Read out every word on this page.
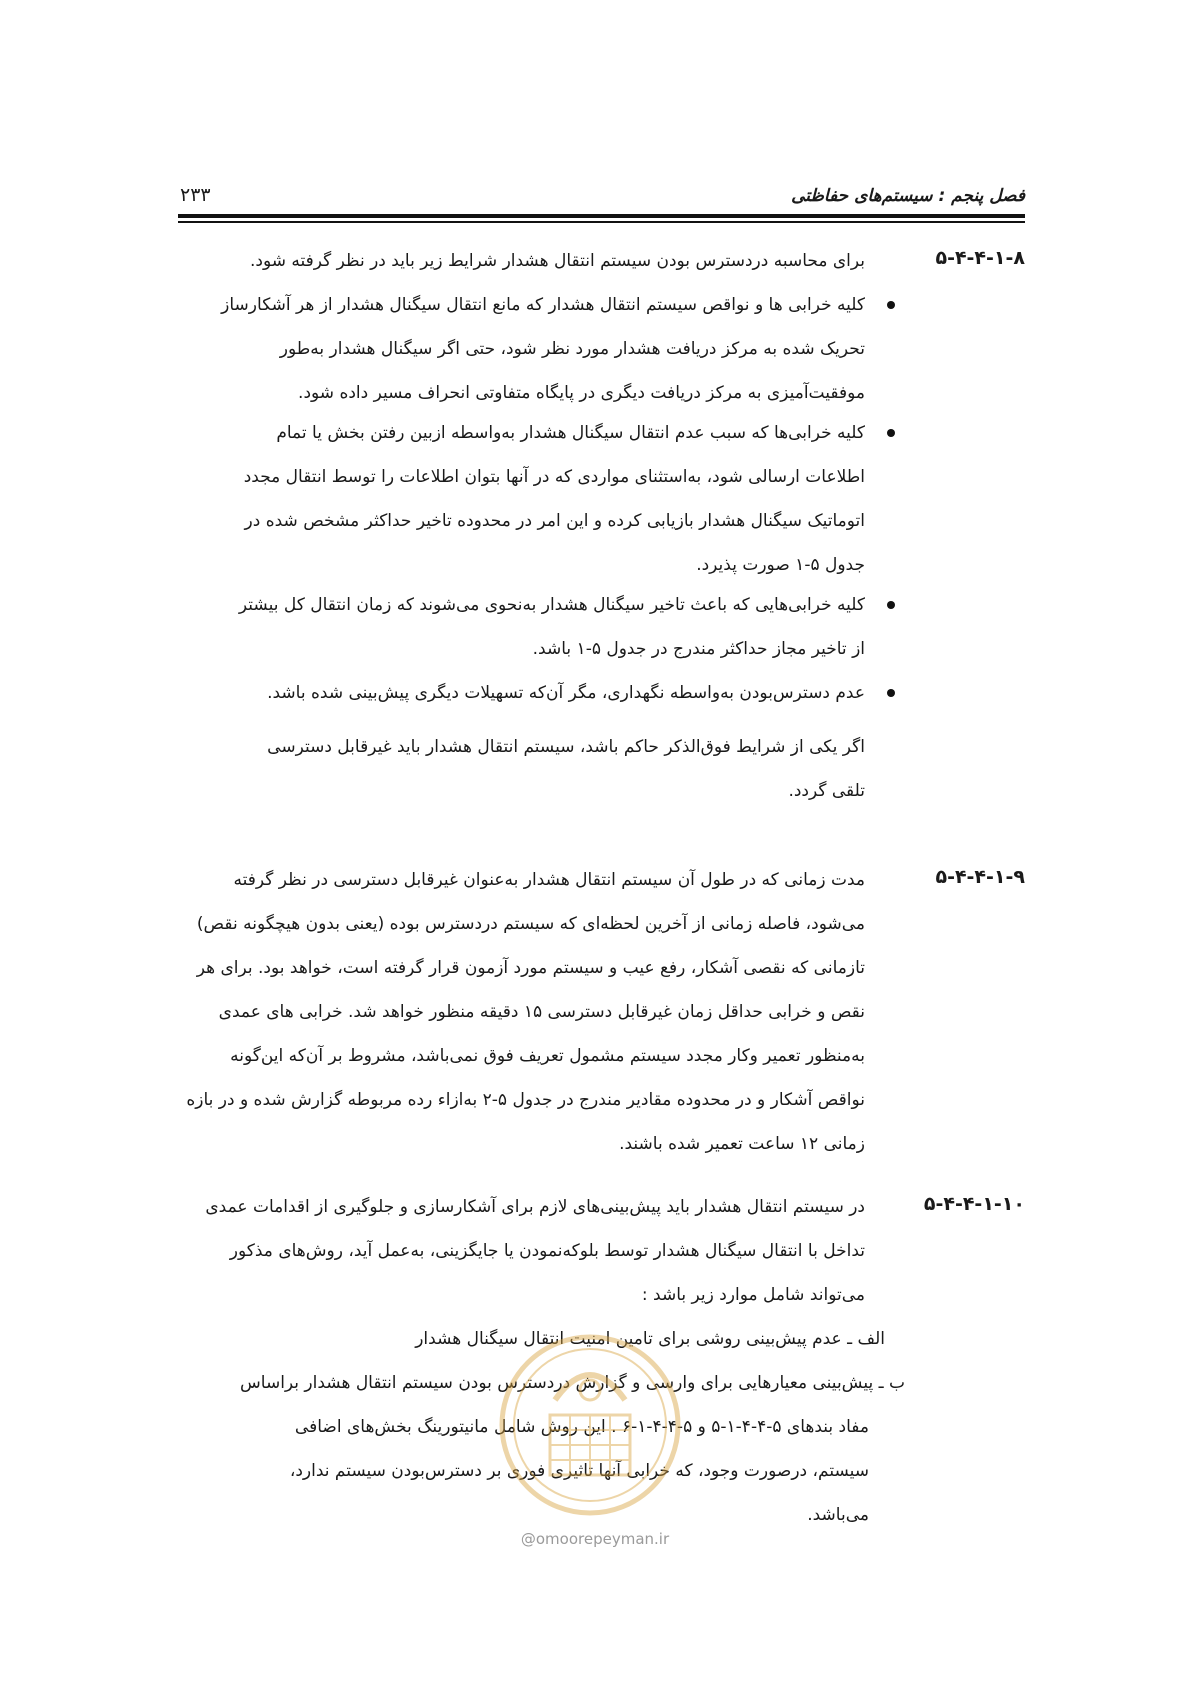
فصل پنجم : سیستم‌های حفاظتی
۲۳۳
۵-۴-۴-۱-۸
برای محاسبه دردسترس بودن سیستم انتقال هشدار شرایط زیر باید در نظر گرفته شود.
کلیه خرابی ها و نواقص سیستم انتقال هشدار که مانع انتقال سیگنال هشدار از هر آشکارساز
تحریک شده به مرکز دریافت هشدار مورد نظر شود، حتی اگر سیگنال هشدار به‌طور
موفقیت‌آمیزی به مرکز دریافت دیگری در پایگاه متفاوتی انحراف مسیر داده شود.
کلیه خرابی‌ها که سبب عدم انتقال سیگنال هشدار به‌واسطه ازبین رفتن بخش یا تمام
اطلاعات ارسالی شود، به‌استثنای مواردی که در آنها بتوان اطلاعات را توسط انتقال مجدد
اتوماتیک سیگنال هشدار بازیابی کرده و این امر در محدوده تاخیر حداکثر مشخص شده در
جدول ۵-۱ صورت پذیرد.
کلیه خرابی‌هایی که باعث تاخیر سیگنال هشدار به‌نحوی می‌شوند که زمان انتقال کل بیشتر
از تاخیر مجاز حداکثر مندرج در جدول ۵-۱ باشد.
عدم دسترس‌بودن به‌واسطه نگهداری، مگر آن‌که تسهیلات دیگری پیش‌بینی شده باشد.
اگر یکی از شرایط فوق‌الذکر حاکم باشد، سیستم انتقال هشدار باید غیرقابل دسترسی
تلقی گردد.
۵-۴-۴-۱-۹
مدت زمانی که در طول آن سیستم انتقال هشدار به‌عنوان غیرقابل دسترسی در نظر گرفته
می‌شود، فاصله زمانی از آخرین لحظه‌ای که سیستم دردسترس بوده (یعنی بدون هیچگونه نقص)
تازمانی که نقصی آشکار، رفع عیب و سیستم مورد آزمون قرار گرفته است، خواهد بود. برای هر
نقص و خرابی حداقل زمان غیرقابل دسترسی ۱۵ دقیقه منظور خواهد شد. خرابی های عمدی
به‌منظور تعمیر وکار مجدد سیستم مشمول تعریف فوق نمی‌باشد، مشروط بر آن‌که این‌گونه
نواقص آشکار و در محدوده مقادیر مندرج در جدول ۵-۲ به‌ازاء رده مربوطه گزارش شده و در بازه
زمانی ۱۲ ساعت تعمیر شده باشند.
۵-۴-۴-۱-۱۰
در سیستم انتقال هشدار باید پیش‌بینی‌های لازم برای آشکارسازی و جلوگیری از اقدامات عمدی
تداخل با انتقال سیگنال هشدار توسط بلوکه‌نمودن یا جایگزینی، به‌عمل آید، روش‌های مذکور
می‌تواند شامل موارد زیر باشد :
الف ـ عدم پیش‌بینی روشی برای تامین امنیت انتقال سیگنال هشدار
ب ـ پیش‌بینی معیارهایی برای وارسی و گزارش دردسترس بودن سیستم انتقال هشدار براساس
مفاد بندهای ۵-۴-۴-۱-۵ و ۵-۴-۴-۱-۶ . این روش شامل مانیتورینگ بخش‌های اضافی
سیستم، درصورت وجود، که خرابی آنها تاثیری فوری بر دسترس‌بودن سیستم ندارد،
می‌باشد.
@omoorepeyman.ir
